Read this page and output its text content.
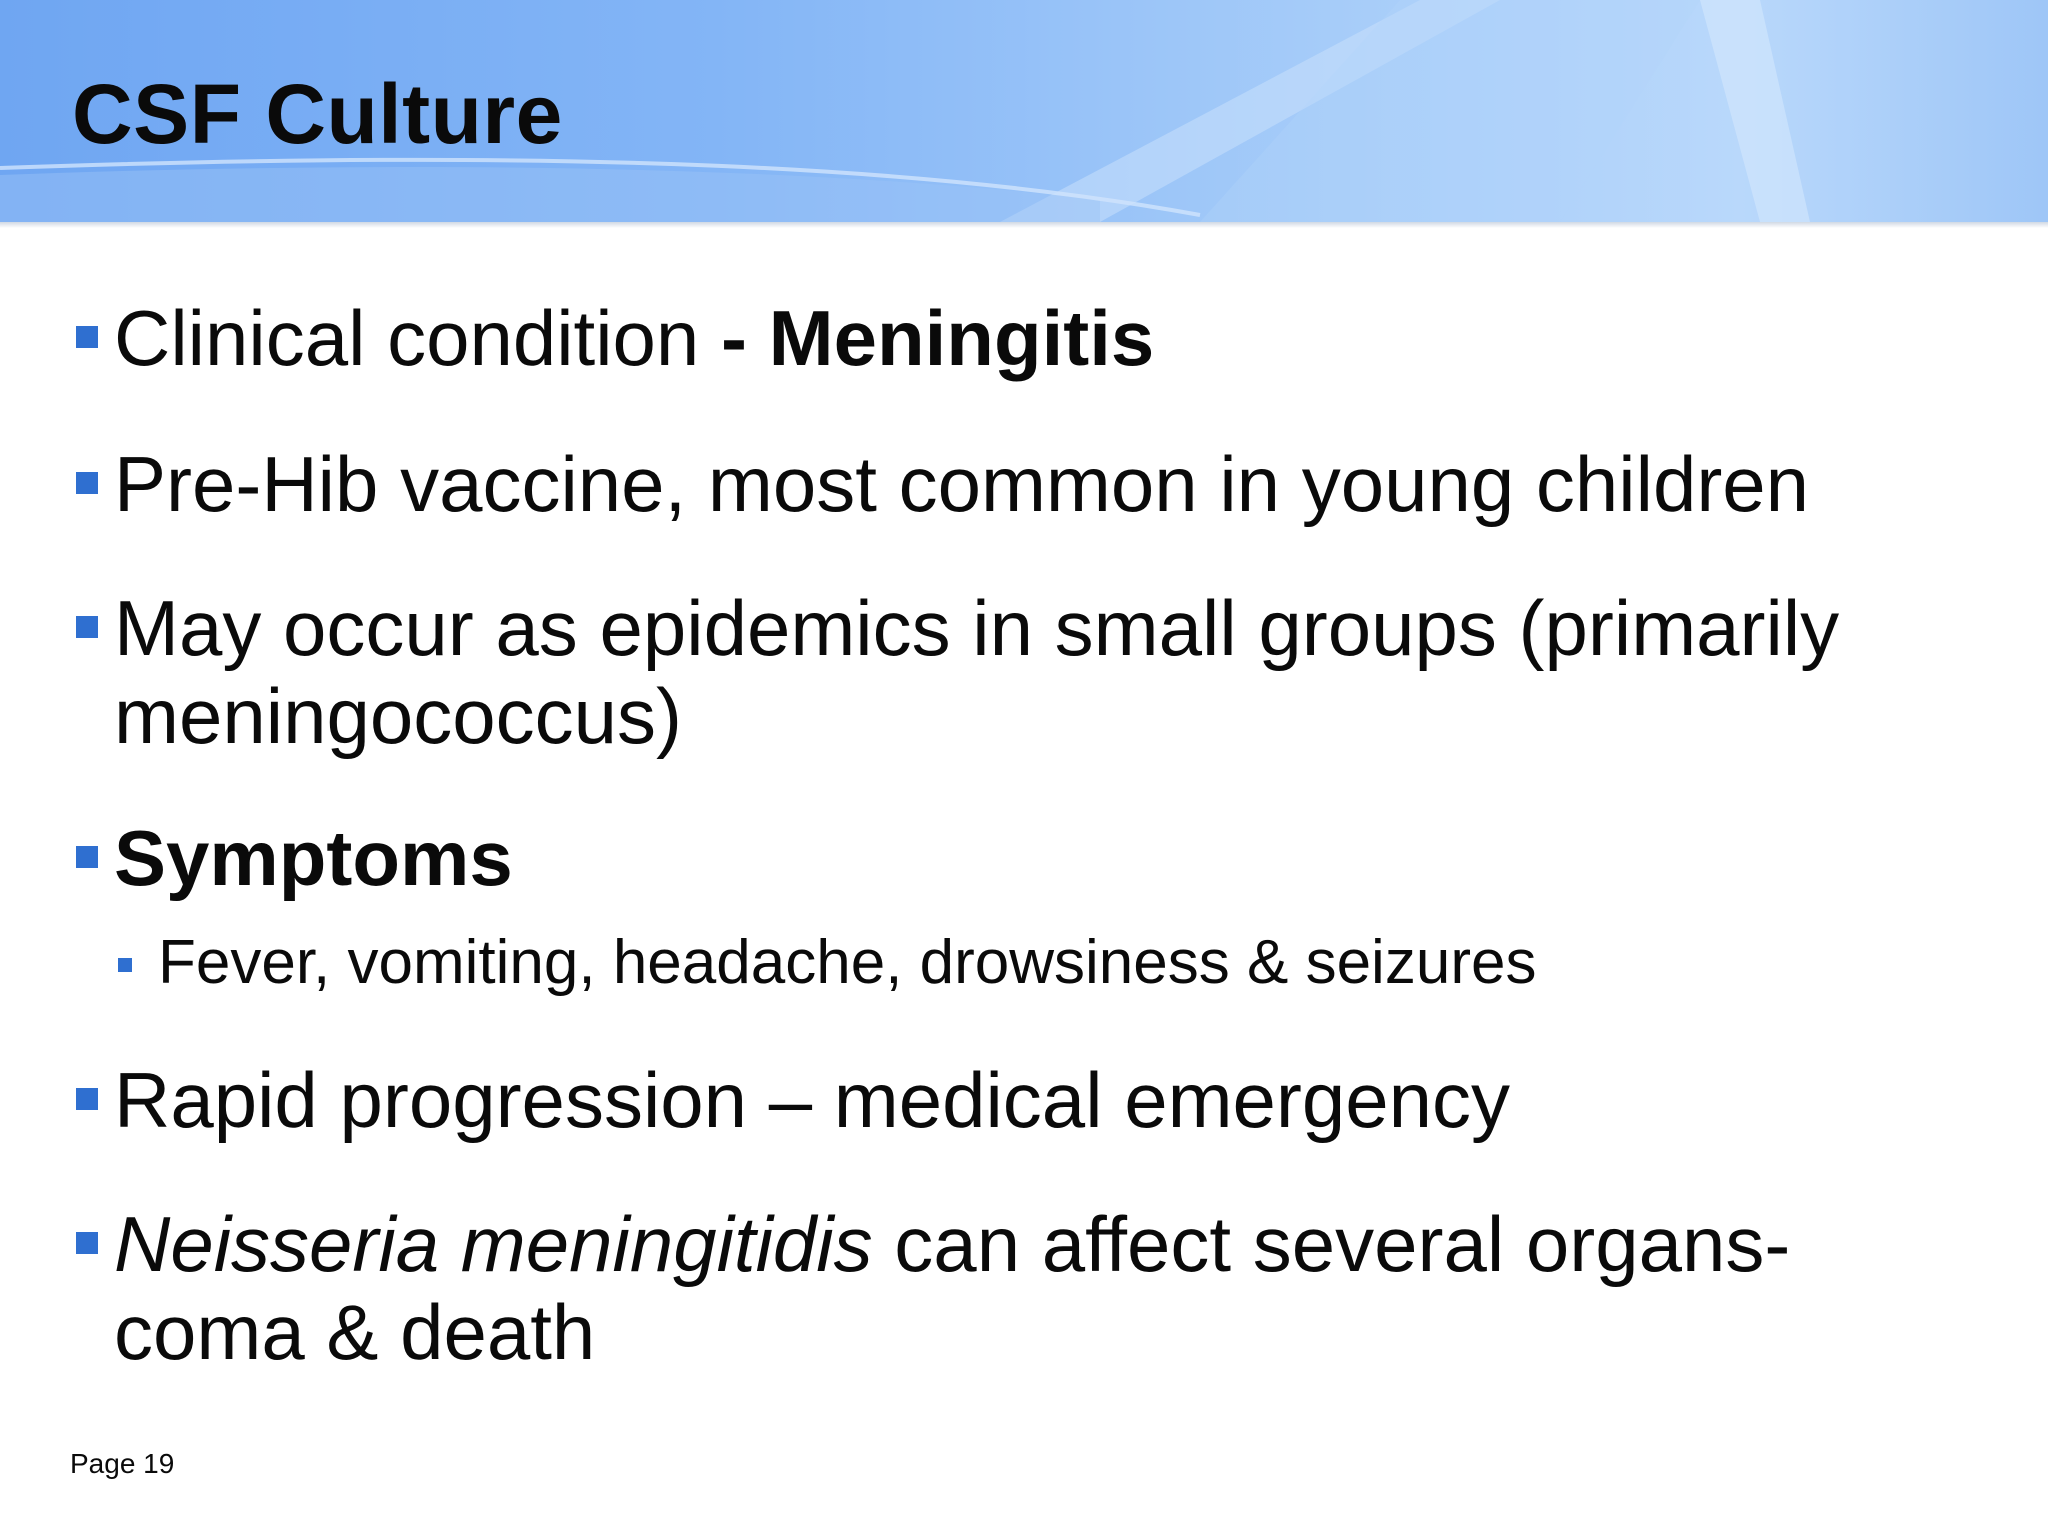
CSF Culture
Clinical condition - Meningitis
Pre-Hib vaccine, most common in young children
May occur as epidemics in small groups (primarily meningococcus)
Symptoms
Fever, vomiting, headache, drowsiness & seizures
Rapid progression – medical emergency
Neisseria meningitidis can affect several organs- coma & death
Page 19
